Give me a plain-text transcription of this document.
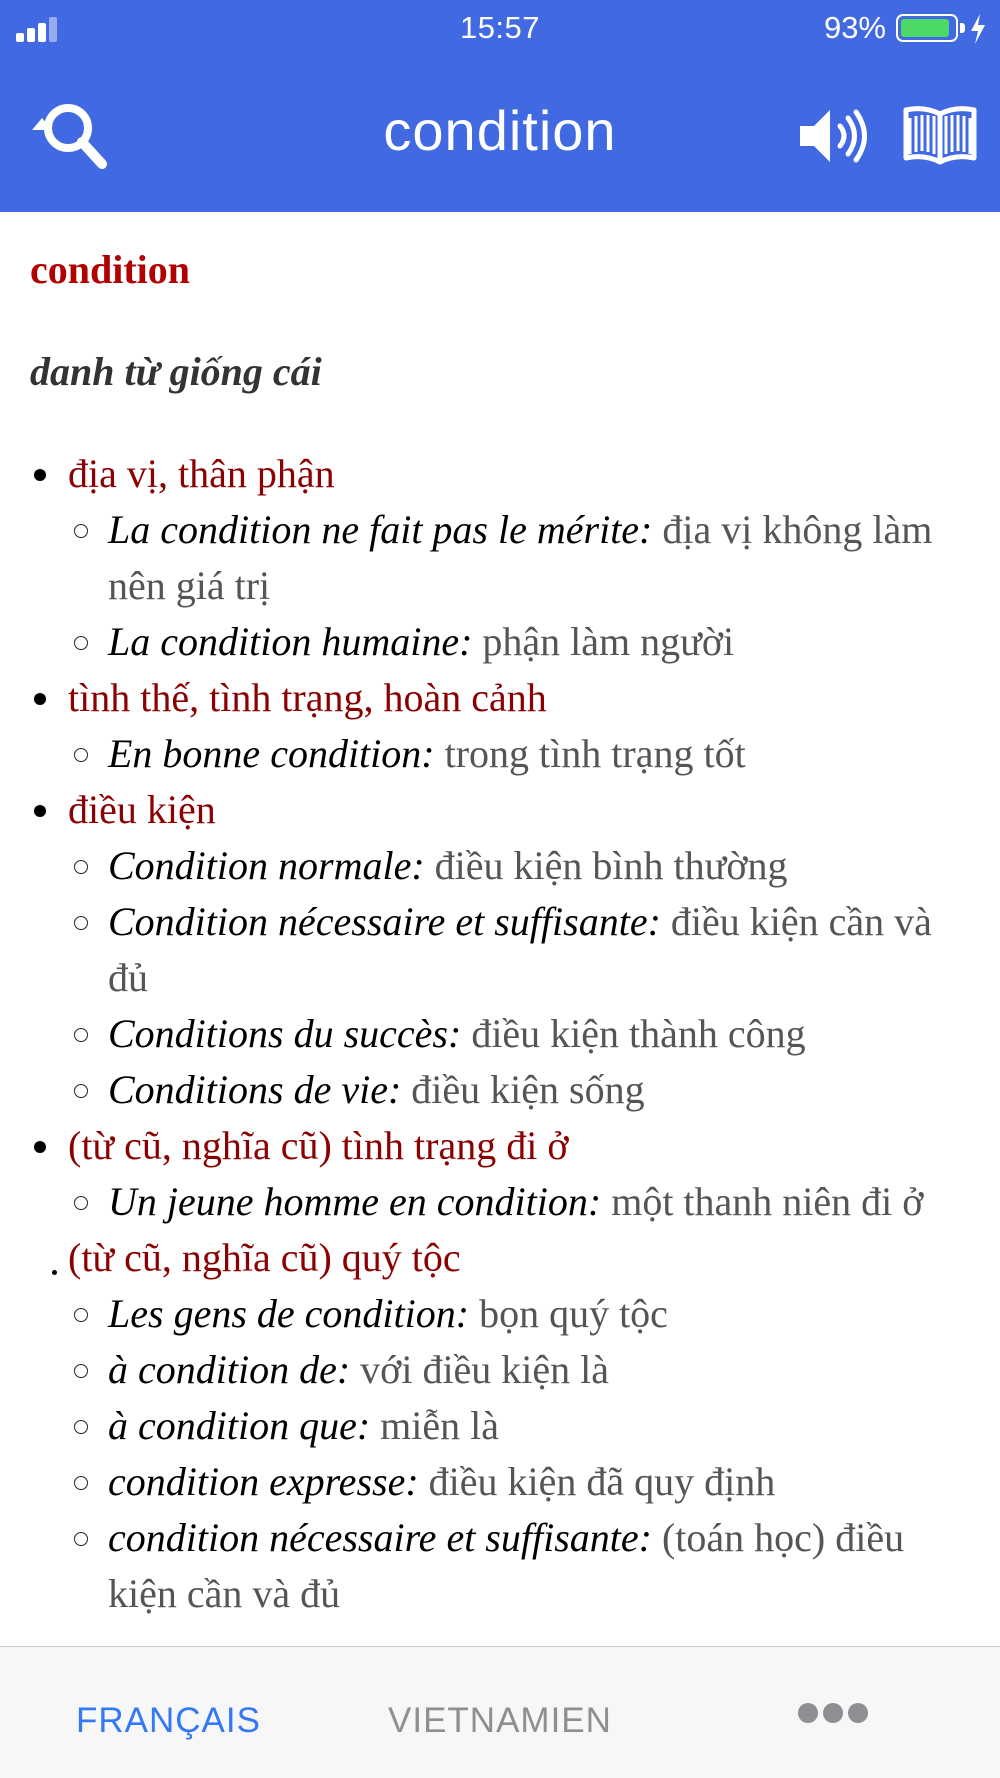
15:57	93%
condition
condition
danh từ giống cái
địa vị, thân phận
La condition ne fait pas le mérite: địa vị không làm nên giá trị
La condition humaine: phận làm người
tình thế, tình trạng, hoàn cảnh
En bonne condition: trong tình trạng tốt
điều kiện
Condition normale: điều kiện bình thường
Condition nécessaire et suffisante: điều kiện cần và đủ
Conditions du succès: điều kiện thành công
Conditions de vie: điều kiện sống
(từ cũ, nghĩa cũ) tình trạng đi ở
Un jeune homme en condition: một thanh niên đi ở
(từ cũ, nghĩa cũ) quý tộc
Les gens de condition: bọn quý tộc
à condition de: với điều kiện là
à condition que: miễn là
condition expresse: điều kiện đã quy định
condition nécessaire et suffisante: (toán học) điều kiện cần và đủ
FRANÇAIS	VIETNAMIEN
